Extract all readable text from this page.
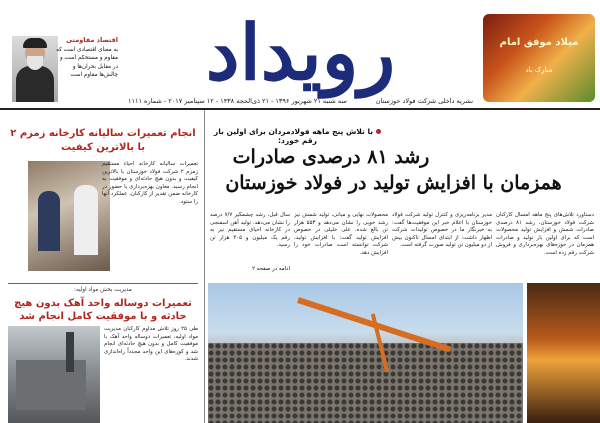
میلاد موفق امام
مبارک باد
رویداد
نشریه داخلی شرکت فولاد خوزستان
سه شنبه ۲۱ شهریور ۱۳۹۶ - ۲۱ ذی‌الحجه ۱۴۳۸ - ۱۲ سپتامبر ۲۰۱۷ - شماره ۱۱۱۱
اقتصاد مقاومتی
به معنای اقتصادی است که مقاوم و مستحکم است و در مقابل بحران‌ها و چالش‌ها مقاوم است
با تلاش پنج ماهه فولادمردان برای اولین بار رقم خورد:
رشد ۸۱ درصدی صادرات
همزمان با افزایش تولید در فولاد خوزستان
دستاورد تلاش‌های پنج ماهه امسال کارکنان شرکت فولاد خوزستان، رشد ۸۱ درصدی صادرات شمش و افزایش تولید محصولات است که برای اولین بار تولید و صادرات همزمان در حوزه‌های بهره‌برداری و فروش شرکت رقم زده است.
مدیر برنامه‌ریزی و کنترل تولید شرکت فولاد خوزستان با اعلام خبر این موفقیت‌ها گفت: به خبرنگار ما در خصوص تولیدات شرکت اظهار داشت: از ابتدای امسال تاکنون بیش از دو میلیون تن تولید صورت گرفته است.
محصولات نهایی و میانی، تولید شمش نیز رشد خوبی را نشان می‌دهد و ۵۵۳ هزار تن بالغ شده. علی خلیلی در خصوص افزایش تولید گفت: با افزایش تولید، شرکت توانسته است صادرات خود را افزایش دهد.
سال قبل، رشد چشمگیر ۷/۷ درصد را نشان می‌دهد. تولید آهن اسفنجی در کارخانه احیای مستقیم نیز به رقم یک میلیون و ۴۰۵ هزار تن رسید.
ادامه در صفحه ۲
انجام تعمیرات سالیانه کارخانه زمزم ۲ با بالاترین کیفیت
تعمیرات سالیانه کارخانه احیاء مستقیم زمزم ۲ شرکت فولاد خوزستان با بالاترین کیفیت و بدون هیچ حادثه‌ای و موفقیت به انجام رسید. معاون بهره‌برداری با حضور در کارخانه ضمن تقدیر از کارکنان، عملکرد آنها را ستود.
مدیریت بخش مواد اولیه:
تعمیرات دوساله واحد آهک بدون هیچ حادثه و با موفقیت کامل انجام شد
طی ۲۵ روز تلاش مداوم کارکنان مدیریت مواد اولیه، تعمیرات دوساله واحد آهک با موفقیت کامل و بدون هیچ حادثه‌ای انجام شد و کوره‌های این واحد مجدداً راه‌اندازی شدند.
